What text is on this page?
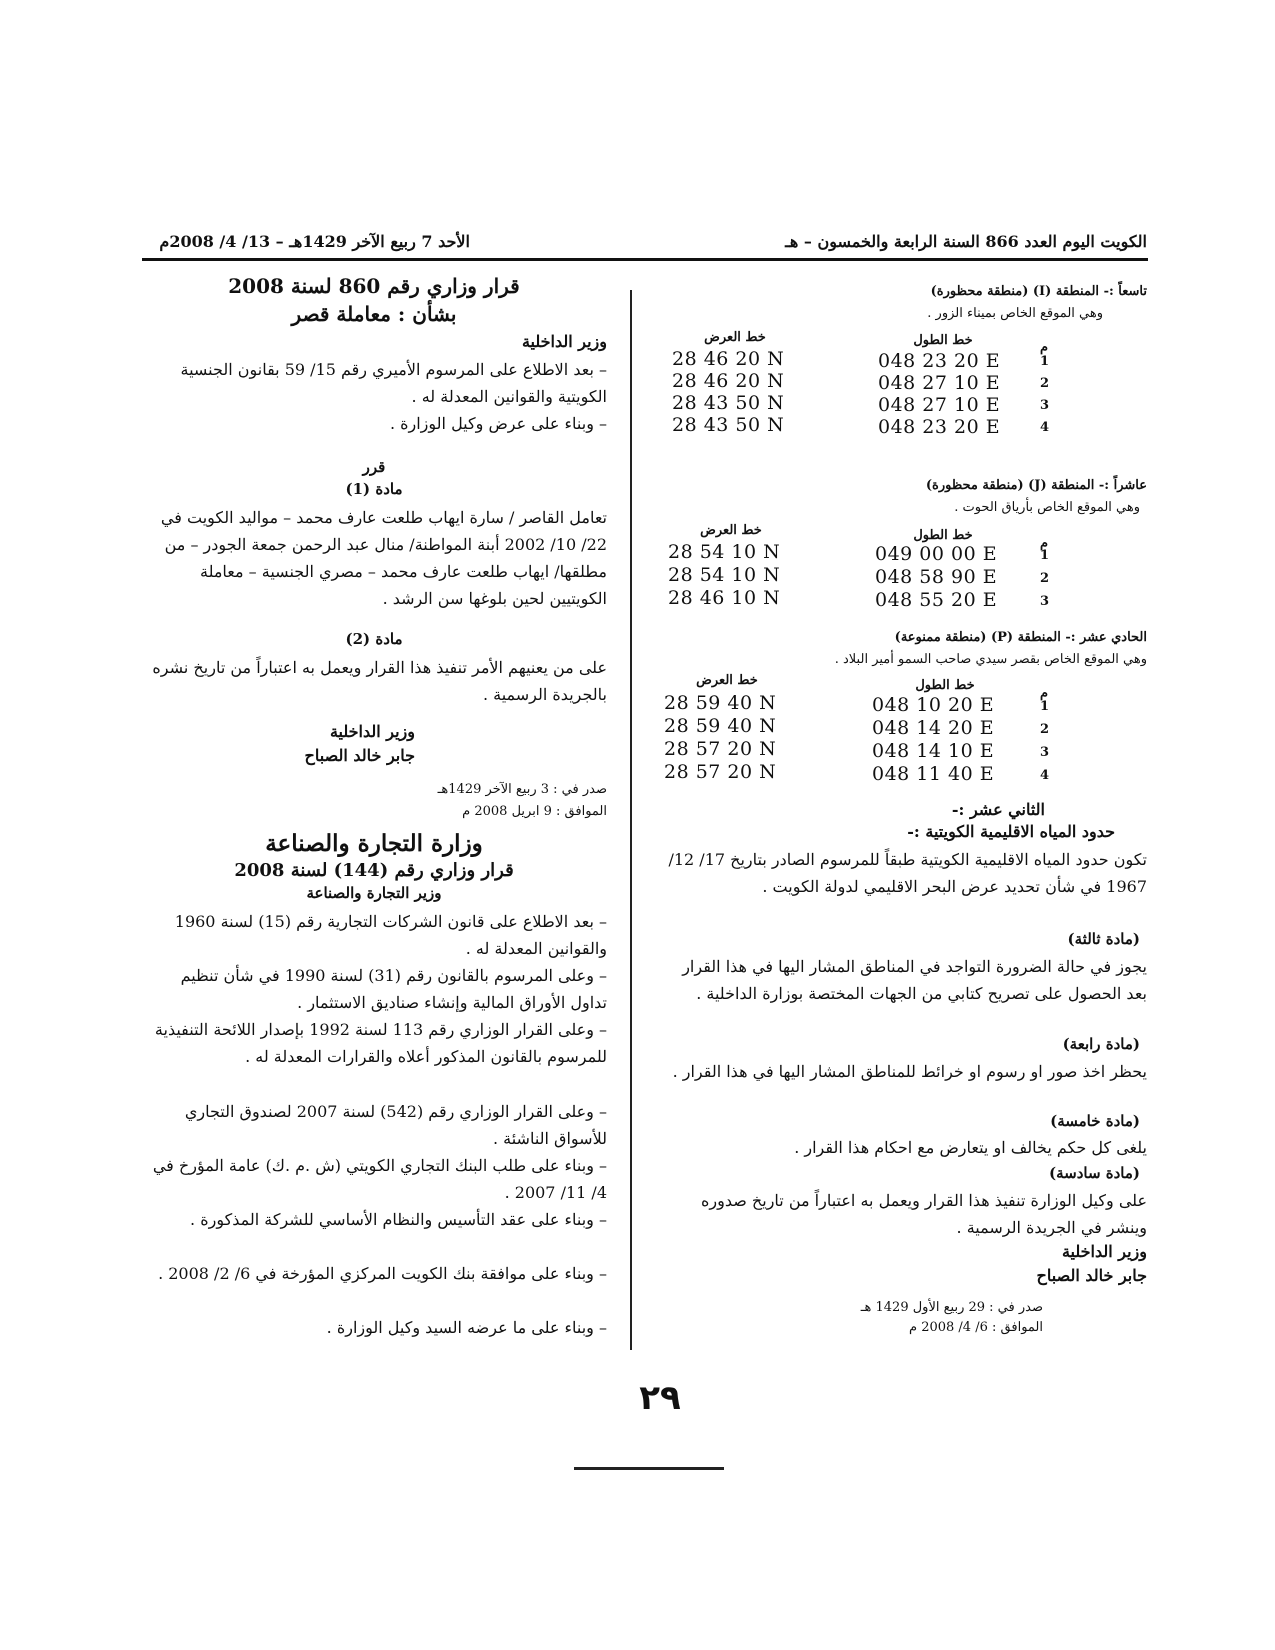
الكويت اليوم العدد 866 السنة الرابعة والخمسون – هـ
الأحد 7 ربيع الآخر 1429هـ – 13/ 4/ 2008م
تاسعاً :- المنطقة (I) (منطقة محظورة)
وهي الموقع الخاص بميناء الزور .
م
خط الطول
خط العرض
1
048 23 20 E
28 46 20 N
2
048 27 10 E
28 46 20 N
3
048 27 10 E
28 43 50 N
4
048 23 20 E
28 43 50 N
عاشراً :- المنطقة (J) (منطقة محظورة)
وهي الموقع الخاص بأرياق الحوت .
م
خط الطول
خط العرض
1
049 00 00 E
28 54 10 N
2
048 58 90 E
28 54 10 N
3
048 55 20 E
28 46 10 N
الحادي عشر :- المنطقة (P) (منطقة ممنوعة)
وهي الموقع الخاص بقصر سيدي صاحب السمو أمير البلاد .
م
خط الطول
خط العرض
1
048 10 20 E
28 59 40 N
2
048 14 20 E
28 59 40 N
3
048 14 10 E
28 57 20 N
4
048 11 40 E
28 57 20 N
الثاني عشر :-
حدود المياه الاقليمية الكويتية :-
تكون حدود المياه الاقليمية الكويتية طبقاً للمرسوم الصادر بتاريخ 17/ 12/ 1967 في شأن تحديد عرض البحر الاقليمي لدولة الكويت .
(مادة ثالثة)
يجوز في حالة الضرورة التواجد في المناطق المشار اليها في هذا القرار بعد الحصول على تصريح كتابي من الجهات المختصة بوزارة الداخلية .
(مادة رابعة)
يحظر اخذ صور او رسوم او خرائط للمناطق المشار اليها في هذا القرار .
(مادة خامسة)
يلغى كل حكم يخالف او يتعارض مع احكام هذا القرار .
(مادة سادسة)
على وكيل الوزارة تنفيذ هذا القرار ويعمل به اعتباراً من تاريخ صدوره وينشر في الجريدة الرسمية .
وزير الداخلية
جابر خالد الصباح
صدر في : 29 ربيع الأول 1429 هـ
الموافق : 6/ 4/ 2008 م
قرار وزاري رقم 860 لسنة 2008
بشأن : معاملة قصر
وزير الداخلية
– بعد الاطلاع على المرسوم الأميري رقم 15/ 59 بقانون الجنسية الكويتية والقوانين المعدلة له .
– وبناء على عرض وكيل الوزارة .
قرر
مادة (1)
تعامل القاصر / سارة ايهاب طلعت عارف محمد – مواليد الكويت في 22/ 10/ 2002 أبنة المواطنة/ منال عبد الرحمن جمعة الجودر – من مطلقها/ ايهاب طلعت عارف محمد – مصري الجنسية – معاملة الكويتيين لحين بلوغها سن الرشد .
مادة (2)
على من يعنيهم الأمر تنفيذ هذا القرار ويعمل به اعتباراً من تاريخ نشره بالجريدة الرسمية .
وزير الداخلية
جابر خالد الصباح
صدر في : 3 ربيع الآخر 1429هـ
الموافق : 9 ابريل 2008 م
وزارة التجارة والصناعة
قرار وزاري رقم (144) لسنة 2008
وزير التجارة والصناعة
– بعد الاطلاع على قانون الشركات التجارية رقم (15) لسنة 1960 والقوانين المعدلة له .
– وعلى المرسوم بالقانون رقم (31) لسنة 1990 في شأن تنظيم تداول الأوراق المالية وإنشاء صناديق الاستثمار .
– وعلى القرار الوزاري رقم 113 لسنة 1992 بإصدار اللائحة التنفيذية للمرسوم بالقانون المذكور أعلاه والقرارات المعدلة له .
– وعلى القرار الوزاري رقم (542) لسنة 2007 لصندوق التجاري للأسواق الناشئة .
– وبناء على طلب البنك التجاري الكويتي (ش .م .ك) عامة المؤرخ في 4/ 11/ 2007 .
– وبناء على عقد التأسيس والنظام الأساسي للشركة المذكورة .
– وبناء على موافقة بنك الكويت المركزي المؤرخة في 6/ 2/ 2008 .
– وبناء على ما عرضه السيد وكيل الوزارة .
٢٩
